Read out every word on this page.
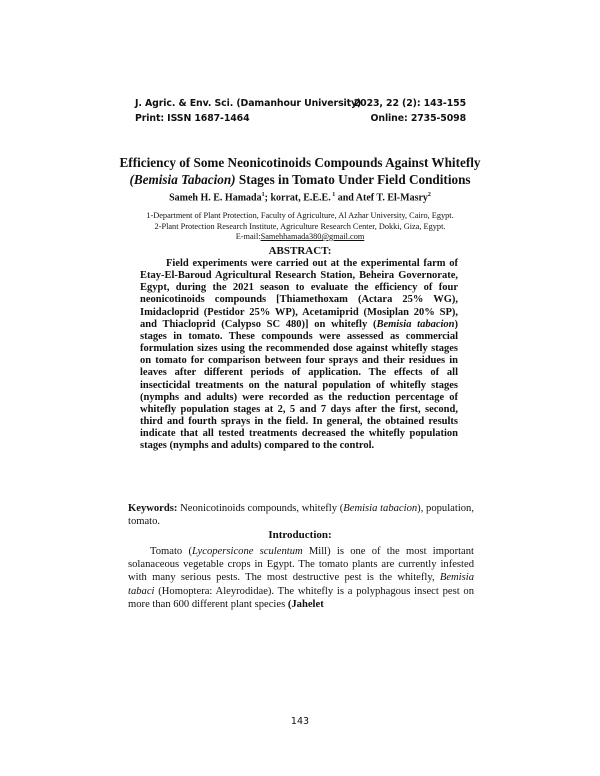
J. Agric. & Env. Sci. (Damanhour University)
2023, 22 (2): 143-155
Print: ISSN 1687-1464	Online: 2735-5098
Efficiency of Some Neonicotinoids Compounds Against Whitefly
(Bemisia Tabacion) Stages in Tomato Under Field Conditions
Sameh H. E. Hamada$^1$; korrat, E.E.E. $^1$ and Atef T. El-Masry$^2$
1-Department of Plant Protection, Faculty of Agriculture, Al Azhar University, Cairo, Egypt.
2-Plant Protection Research Institute, Agriculture Research Center, Dokki, Giza, Egypt.
E-mail:Samehhamada380@gmail.com
ABSTRACT:

Field experiments were carried out at the experimental farm of Etay-El-Baroud Agricultural Research Station, Beheira Governorate, Egypt, during the 2021 season to evaluate the efficiency of four neonicotinoids compounds [Thiamethoxam (Actara 25% WG), Imidacloprid (Pestidor 25% WP), Acetamiprid (Mosiplan 20% SP), and Thiacloprid (Calypso SC 480)] on whitefly (Bemisia tabacion) stages in tomato. These compounds were assessed as commercial formulation sizes using the recommended dose against whitefly stages on tomato for comparison between four sprays and their residues in leaves after different periods of application. The effects of all insecticidal treatments on the natural population of whitefly stages (nymphs and adults) were recorded as the reduction percentage of whitefly population stages at 2, 5 and 7 days after the first, second, third and fourth sprays in the field. In general, the obtained results indicate that all tested treatments decreased the whitefly population stages (nymphs and adults) compared to the control.

Keywords: Neonicotinoids compounds, whitefly (Bemisia tabacion), population, tomato.

Introduction:

Tomato (Lycopersicone sculentum Mill) is one of the most important solanaceous vegetable crops in Egypt. The tomato plants are currently infested with many serious pests. The most destructive pest is the whitefly, Bemisia tabaci (Homoptera: Aleyrodidae). The whitefly is a polyphagous insect pest on more than 600 different plant species (Jahelet

143
